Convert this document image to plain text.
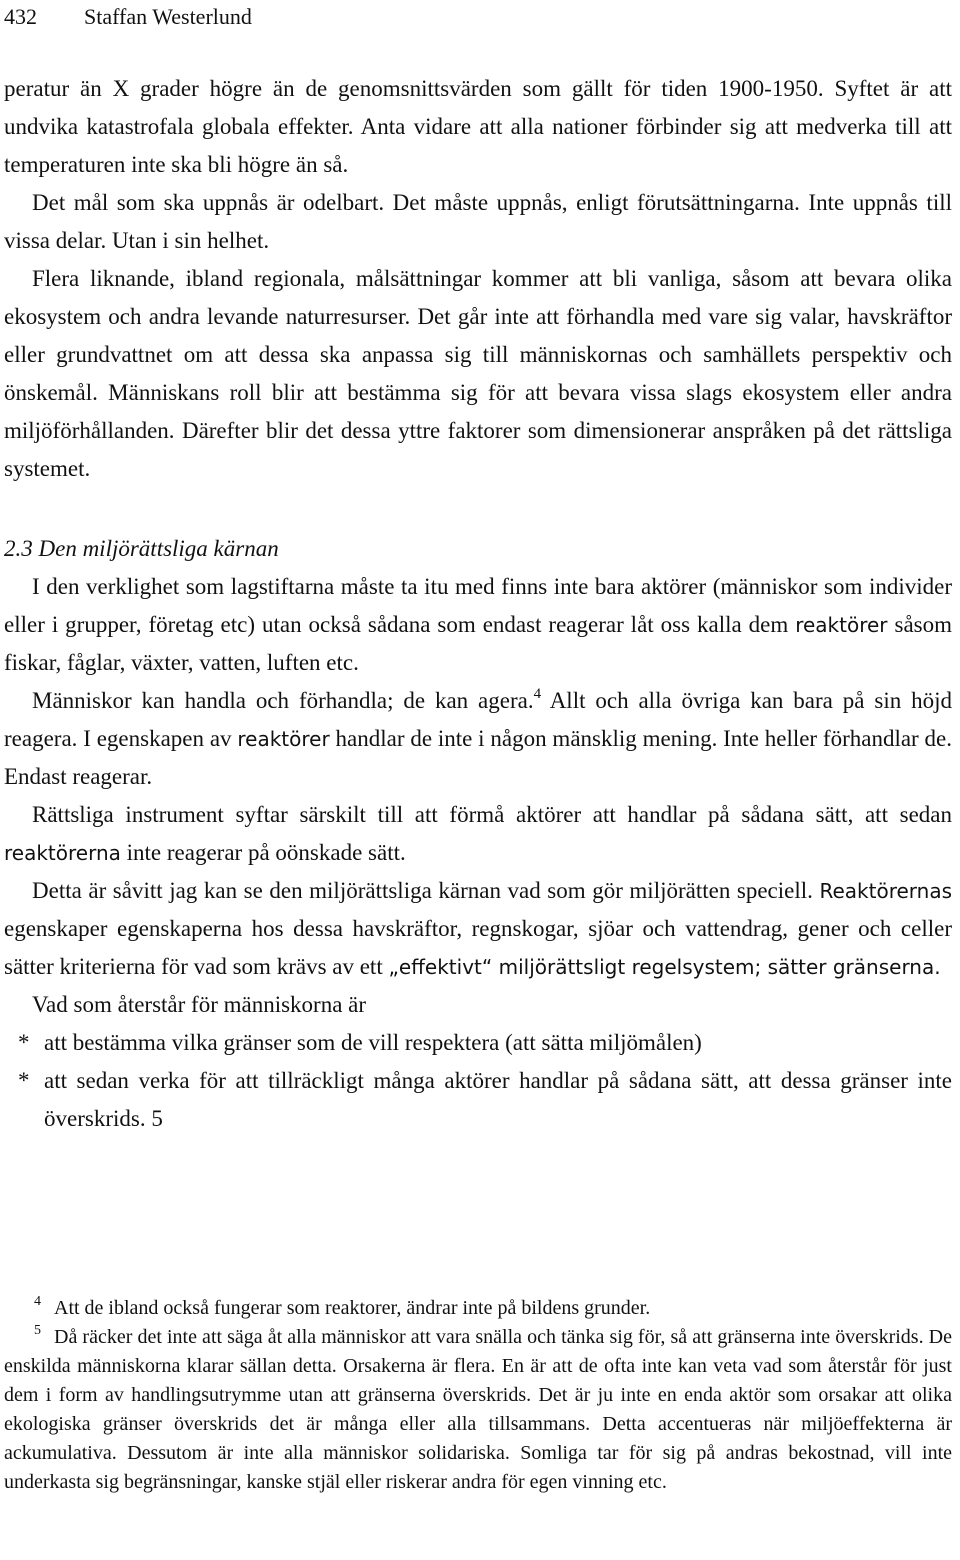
432 Staffan Westerlund

peratur än X grader högre än de genomsnittsvärden som gällt för tiden 1900-1950. Syftet är att undvika katastrofala globala effekter. Anta vidare att alla nationer förbinder sig att medverka till att temperaturen inte ska bli högre än så.

Det mål som ska uppnås är odelbart. Det måste uppnås, enligt förutsättningarna. Inte uppnås till vissa delar. Utan i sin helhet.

Flera liknande, ibland regionala, målsättningar kommer att bli vanliga, såsom att bevara olika ekosystem och andra levande naturresurser. Det går inte att förhandla med vare sig valar, havskräftor eller grundvattnet om att dessa ska anpassa sig till människornas och samhällets perspektiv och önskemål. Människans roll blir att bestämma sig för att bevara vissa slags ekosystem eller andra miljöförhållanden. Därefter blir det dessa yttre faktorer som dimensionerar anspråken på det rättsliga systemet.

2.3 Den miljörättsliga kärnan

I den verklighet som lagstiftarna måste ta itu med finns inte bara aktörer (människor som individer eller i grupper, företag etc) utan också sådana som endast reagerar låt oss kalla dem reaktörer såsom fiskar, fåglar, växter, vatten, luften etc.

Människor kan handla och förhandla; de kan agera.$^4$ Allt och alla övriga kan bara på sin höjd reagera. I egenskapen av reaktörer handlar de inte i någon mänsklig mening. Inte heller förhandlar de. Endast reagerar.

Rättsliga instrument syftar särskilt till att förmå aktörer att handlar på sådana sätt, att sedan reaktörerna inte reagerar på oönskade sätt.

Detta är såvitt jag kan se den miljörättsliga kärnan vad som gör miljörätten speciell. Reaktörernas egenskaper egenskaperna hos dessa havskräftor, regnskogar, sjöar och vattendrag, gener och celler sätter kriterierna för vad som krävs av ett „effektivt“ miljörättsligt regelsystem; sätter gränserna.

Vad som återstår för människorna är

* att bestämma vilka gränser som de vill respektera (att sätta miljömålen)

* att sedan verka för att tillräckligt många aktörer handlar på sådana sätt, att dessa gränser inte överskrids. 5

4 Att de ibland också fungerar som reaktorer, ändrar inte på bildens grunder.

5 Då räcker det inte att säga åt alla människor att vara snälla och tänka sig för, så att gränserna inte överskrids. De enskilda människorna klarar sällan detta. Orsakerna är flera. En är att de ofta inte kan veta vad som återstår för just dem i form av handlingsutrymme utan att gränserna överskrids. Det är ju inte en enda aktör som orsakar att olika ekologiska gränser överskrids det är många eller alla tillsammans. Detta accentueras när miljöeffekterna är ackumulativa. Dessutom är inte alla människor solidariska. Somliga tar för sig på andras bekostnad, vill inte underkasta sig begränsningar, kanske stjäl eller riskerar andra för egen vinning etc.
